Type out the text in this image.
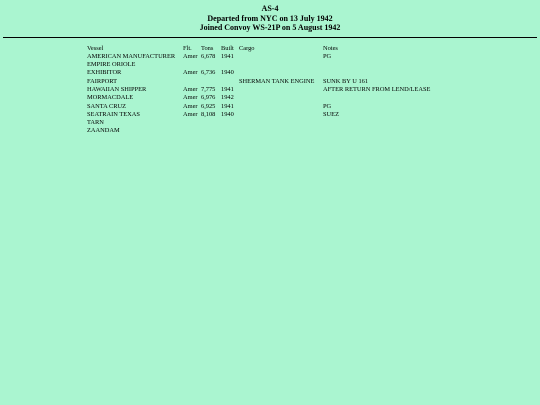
AS-4
Departed from NYC on 13 July 1942
Joined Convoy WS-21P on 5 August 1942
Vessel	Flt.	Tons	Built	Cargo	Notes
AMERICAN MANUFACTURER	Amer	6,678	1941		PG
EMPIRE ORIOLE					
EXHIBITOR	Amer	6,736	1940		
FAIRPORT				SHERMAN TANK ENGINE	SUNK BY U 161
HAWAIIAN SHIPPER	Amer	7,775	1941		AFTER RETURN FROM LEND/LEASE
MORMACDALE	Amer	6,976	1942		
SANTA CRUZ	Amer	6,925	1941		PG
SEATRAIN TEXAS	Amer	8,108	1940		SUEZ
TARN					
ZAANDAM					
